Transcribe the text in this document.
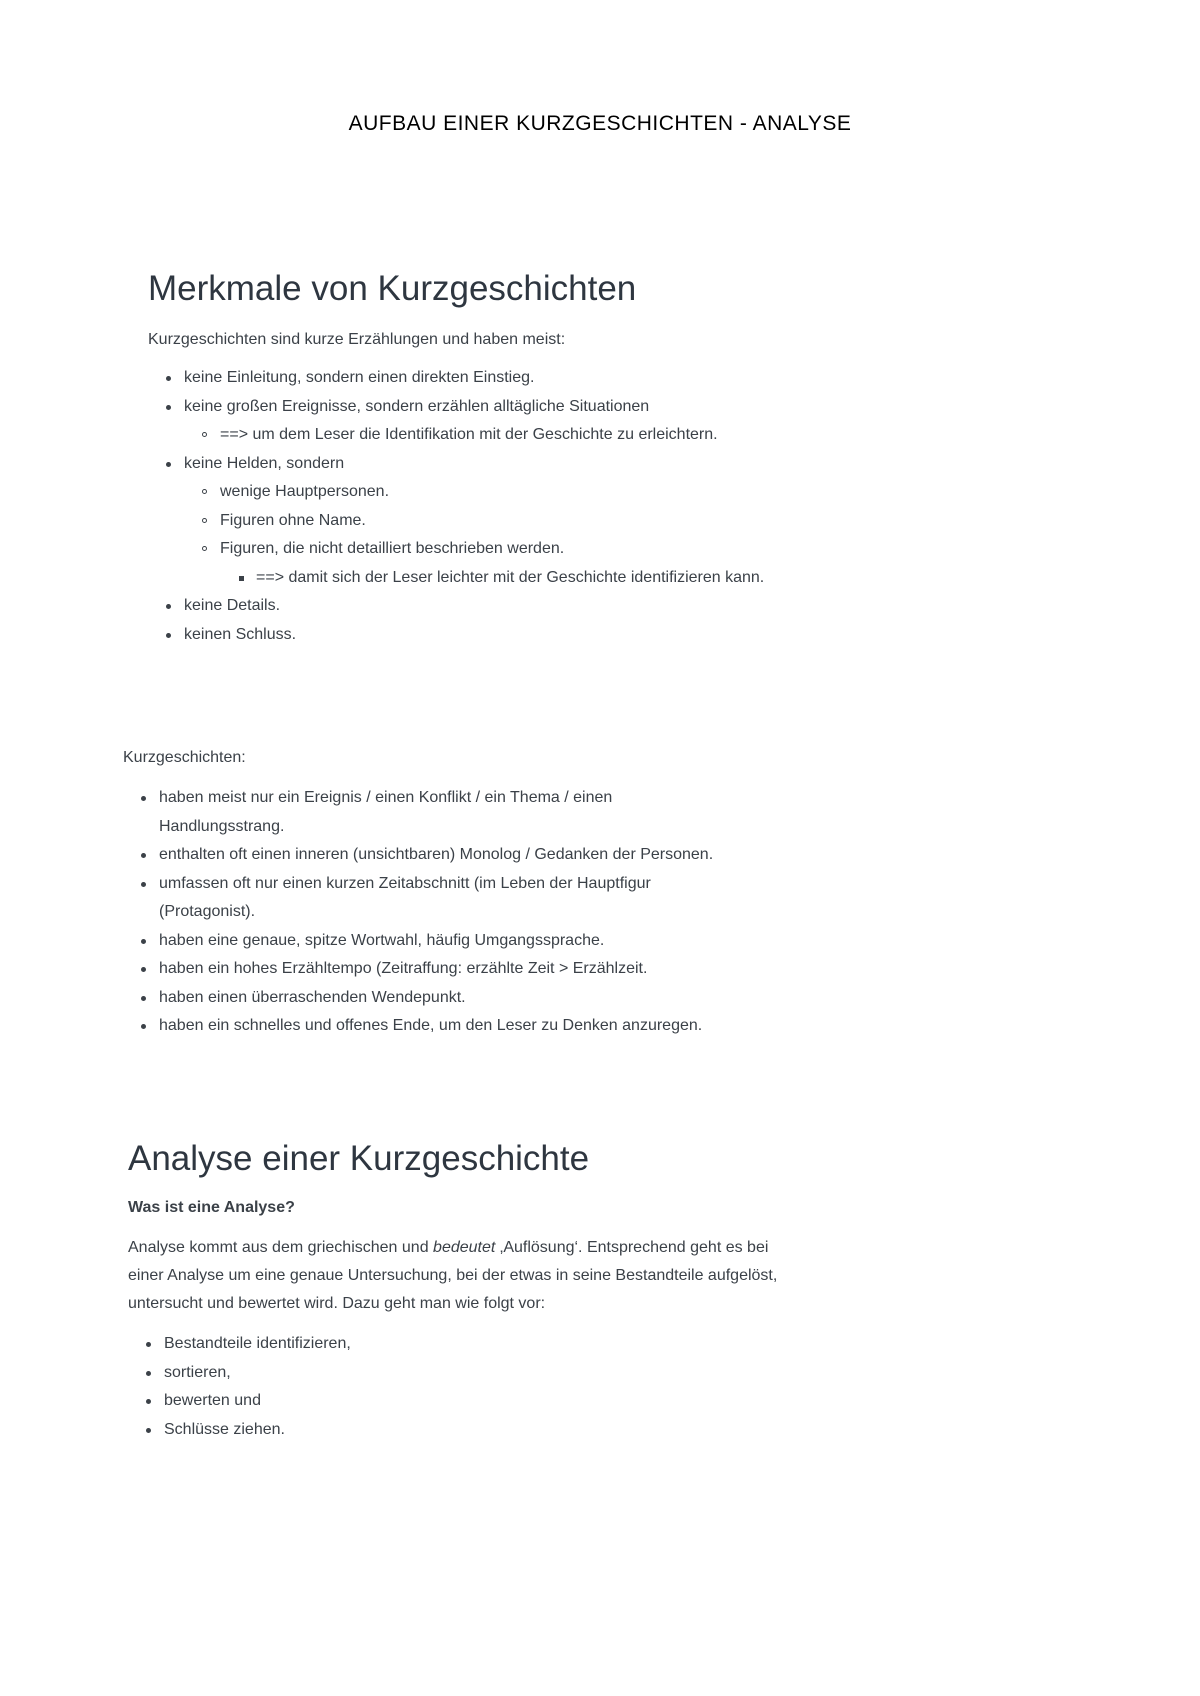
AUFBAU EINER KURZGESCHICHTEN - ANALYSE
Merkmale von Kurzgeschichten

Kurzgeschichten sind kurze Erzählungen und haben meist:

keine Einleitung, sondern einen direkten Einstieg.
keine großen Ereignisse, sondern erzählen alltägliche Situationen
==> um dem Leser die Identifikation mit der Geschichte zu erleichtern.
keine Helden, sondern
wenige Hauptpersonen.
Figuren ohne Name.
Figuren, die nicht detailliert beschrieben werden.
==> damit sich der Leser leichter mit der Geschichte identifizieren kann.
keine Details.
keinen Schluss.

Kurzgeschichten:

haben meist nur ein Ereignis / einen Konflikt / ein Thema / einen Handlungsstrang.
enthalten oft einen inneren (unsichtbaren) Monolog / Gedanken der Personen.
umfassen oft nur einen kurzen Zeitabschnitt (im Leben der Hauptfigur (Protagonist).
haben eine genaue, spitze Wortwahl, häufig Umgangssprache.
haben ein hohes Erzähltempo (Zeitraffung: erzählte Zeit > Erzählzeit.
haben einen überraschenden Wendepunkt.
haben ein schnelles und offenes Ende, um den Leser zu Denken anzuregen.
Analyse einer Kurzgeschichte

Was ist eine Analyse?

Analyse kommt aus dem griechischen und bedeutet ‚Auflösung‘. Entsprechend geht es bei einer Analyse um eine genaue Untersuchung, bei der etwas in seine Bestandteile aufgelöst, untersucht und bewertet wird. Dazu geht man wie folgt vor:

Bestandteile identifizieren,
sortieren,
bewerten und
Schlüsse ziehen.
